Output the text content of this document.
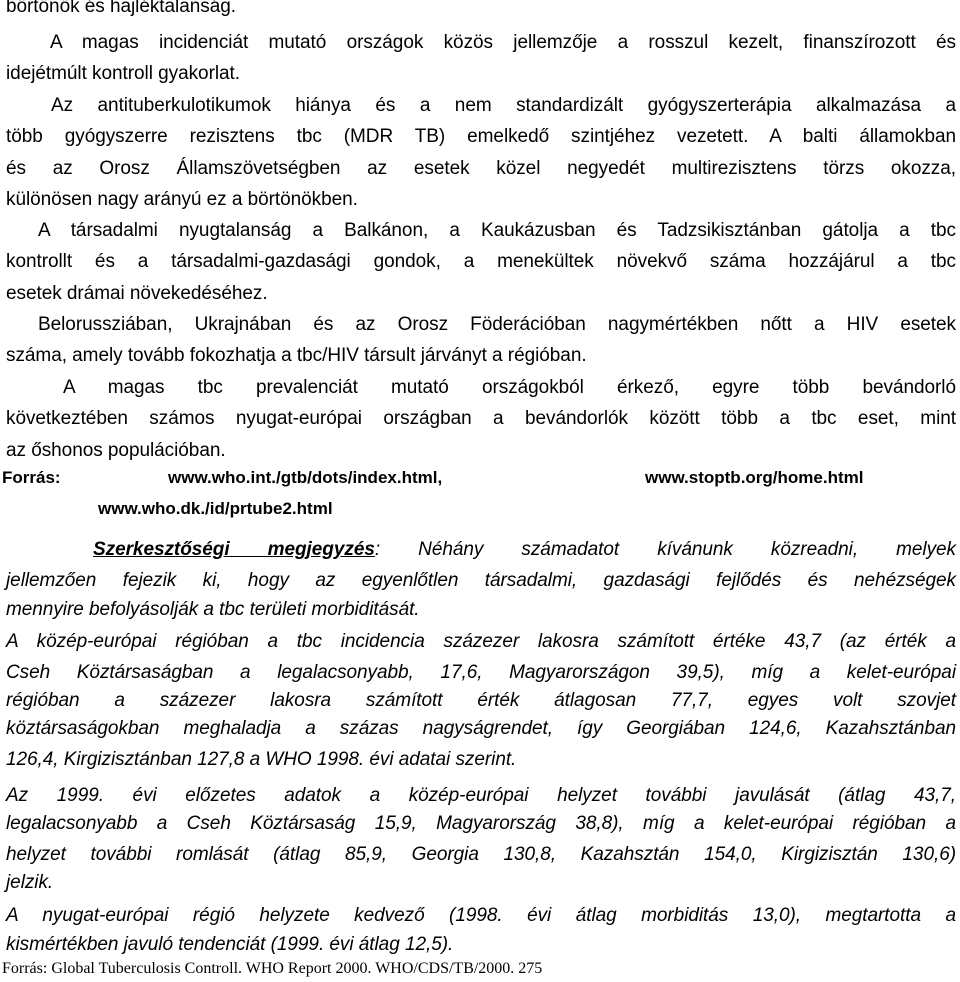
börtönök és hajléktalanság.
A magas incidenciát mutató országok közös jellemzője a rosszul kezelt, finanszírozott és
idejétmúlt kontroll gyakorlat.
Az antituberkulotikumok hiánya és a nem standardizált gyógyszerterápia alkalmazása a
több gyógyszerre rezisztens tbc (MDR TB) emelkedő szintjéhez vezetett. A balti államokban
és az Orosz Államszövetségben az esetek közel negyedét multirezisztens törzs okozza,
különösen nagy arányú ez a börtönökben.
A társadalmi nyugtalanság a Balkánon, a Kaukázusban és Tadzsikisztánban gátolja a tbc
kontrollt és a társadalmi-gazdasági gondok, a menekültek növekvő száma hozzájárul a tbc
esetek drámai növekedéséhez.
Belorussziában, Ukrajnában és az Orosz Föderációban nagymértékben nőtt a HIV esetek
száma, amely tovább fokozhatja a tbc/HIV társult járványt a régióban.
A magas tbc prevalenciát mutató országokból érkező, egyre több bevándorló
következtében számos nyugat-európai országban a bevándorlók között több a tbc eset, mint
az őshonos populációban.
Forrás:	www.who.int./gtb/dots/index.html,	www.stoptb.org/home.html
www.who.dk./id/prtube2.html
Szerkesztőségi megjegyzés: Néhány számadatot kívánunk közreadni, melyek
jellemzően fejezik ki, hogy az egyenlőtlen társadalmi, gazdasági fejlődés és nehézségek
mennyire befolyásolják a tbc területi morbiditását.
A közép-európai régióban a tbc incidencia százezer lakosra számított értéke 43,7 (az érték a
Cseh Köztársaságban a legalacsonyabb, 17,6, Magyarországon 39,5), míg a kelet-európai
régióban a százezer lakosra számított érték átlagosan 77,7, egyes volt szovjet
köztársaságokban meghaladja a százas nagyságrendet, így Georgiában 124,6, Kazahsztánban
126,4, Kirgizisztánban 127,8 a WHO 1998. évi adatai szerint.
Az 1999. évi előzetes adatok a közép-európai helyzet további javulását (átlag 43,7,
legalacsonyabb a Cseh Köztársaság 15,9, Magyarország 38,8), míg a kelet-európai régióban a
helyzet további romlását (átlag 85,9, Georgia 130,8, Kazahsztán 154,0, Kirgizisztán 130,6)
jelzik.
A nyugat-európai régió helyzete kedvező (1998. évi átlag morbiditás 13,0), megtartotta a
kismértékben javuló tendenciát (1999. évi átlag 12,5).
Forrás: Global Tuberculosis Controll. WHO Report 2000. WHO/CDS/TB/2000. 275
